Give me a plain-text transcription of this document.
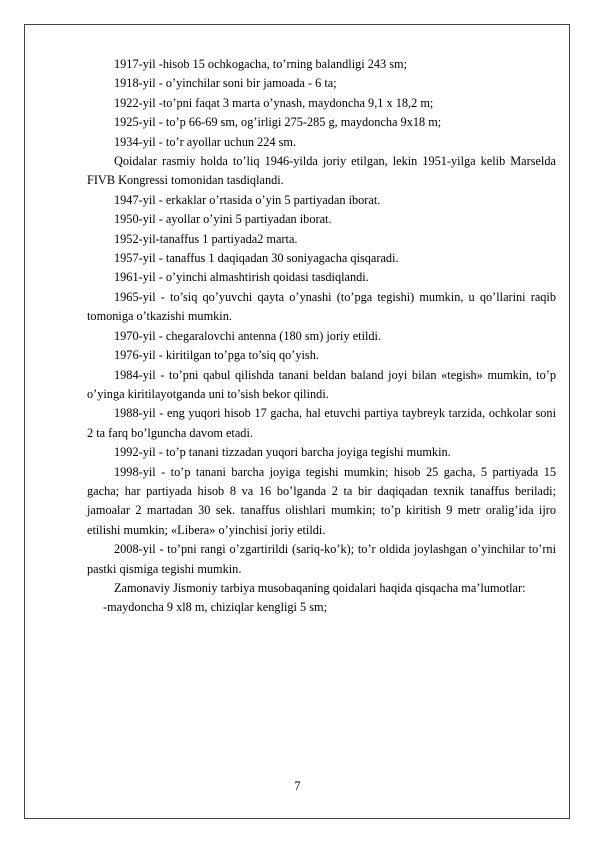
1917-yil -hisob 15 ochkogacha, to’rning balandligi 243 sm;

1918-yil - o’yinchilar soni bir jamoada - 6 ta;

1922-yil -to’pni faqat 3 marta o’ynash, maydoncha 9,1 x 18,2 m;

1925-yil - to’p 66-69 sm, og’irligi 275-285 g, maydoncha 9x18 m;

1934-yil - to’r ayollar uchun 224 sm.

Qoidalar rasmiy holda to’liq 1946-yilda joriy etilgan, lekin 1951-yilga kelib Marselda FIVB Kongressi tomonidan tasdiqlandi.

1947-yil - erkaklar o’rtasida o’yin 5 partiyadan iborat.

1950-yil - ayollar o’yini 5 partiyadan iborat.

1952-yil-tanaffus 1 partiyada2 marta.

1957-yil - tanaffus 1 daqiqadan 30 soniyagacha qisqaradi.

1961-yil - o’yinchi almashtirish qoidasi tasdiqlandi.

1965-yil - to’siq qo’yuvchi qayta o’ynashi (to’pga tegishi) mumkin, u qo’llarini raqib tomoniga o’tkazishi mumkin.

1970-yil - chegaralovchi antenna (180 sm) joriy etildi.

1976-yil - kiritilgan to’pga to’siq qo’yish.

1984-yil - to’pni qabul qilishda tanani beldan baland joyi bilan «tegish» mumkin, to’p o’yinga kiritilayotganda uni to’sish bekor qilindi.

1988-yil - eng yuqori hisob 17 gacha, hal etuvchi partiya taybreyk tarzida, ochkolar soni 2 ta farq bo’lguncha davom etadi.

1992-yil - to’p tanani tizzadan yuqori barcha joyiga tegishi mumkin.

1998-yil - to’p tanani barcha joyiga tegishi mumkin; hisob 25 gacha, 5 partiyada 15 gacha; har partiyada hisob 8 va 16 bo’lganda 2 ta bir daqiqadan texnik tanaffus beriladi; jamoalar 2 martadan 30 sek. tanaffus olishlari mumkin; to’p kiritish 9 metr oralig’ida ijro etilishi mumkin; «Libera» o’yinchisi joriy etildi.

2008-yil - to’pni rangi o’zgartirildi (sariq-ko’k); to’r oldida joylashgan o’yinchilar to’rni pastki qismiga tegishi mumkin.

Zamonaviy Jismoniy tarbiya musobaqaning qoidalari haqida qisqacha ma’lumotlar:

-maydoncha 9 xl8 m, chiziqlar kengligi 5 sm;

7
